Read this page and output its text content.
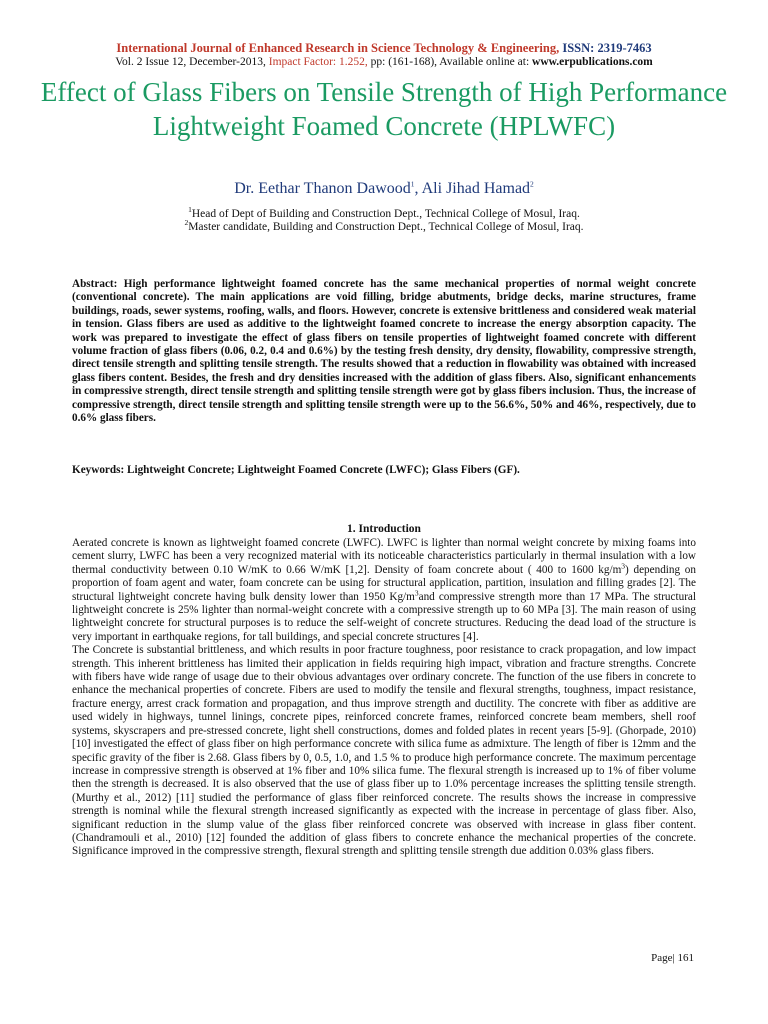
International Journal of Enhanced Research in Science Technology & Engineering, ISSN: 2319-7463
Vol. 2 Issue 12, December-2013, Impact Factor: 1.252, pp: (161-168), Available online at: www.erpublications.com
Effect of Glass Fibers on Tensile Strength of High Performance Lightweight Foamed Concrete (HPLWFC)
Dr. Eethar Thanon Dawood$^1$, Ali Jihad Hamad$^2$
$^1$Head of Dept of Building and Construction Dept., Technical College of Mosul, Iraq.
$^2$Master candidate, Building and Construction Dept., Technical College of Mosul, Iraq.
Abstract: High performance lightweight foamed concrete has the same mechanical properties of normal weight concrete (conventional concrete). The main applications are void filling, bridge abutments, bridge decks, marine structures, frame buildings, roads, sewer systems, roofing, walls, and floors. However, concrete is extensive brittleness and considered weak material in tension. Glass fibers are used as additive to the lightweight foamed concrete to increase the energy absorption capacity. The work was prepared to investigate the effect of glass fibers on tensile properties of lightweight foamed concrete with different volume fraction of glass fibers (0.06, 0.2, 0.4 and 0.6%) by the testing fresh density, dry density, flowability, compressive strength, direct tensile strength and splitting tensile strength. The results showed that a reduction in flowability was obtained with increased glass fibers content. Besides, the fresh and dry densities increased with the addition of glass fibers. Also, significant enhancements in compressive strength, direct tensile strength and splitting tensile strength were got by glass fibers inclusion. Thus, the increase of compressive strength, direct tensile strength and splitting tensile strength were up to the 56.6%, 50% and 46%, respectively, due to 0.6% glass fibers.
Keywords: Lightweight Concrete; Lightweight Foamed Concrete (LWFC); Glass Fibers (GF).
1. Introduction

Aerated concrete is known as lightweight foamed concrete (LWFC). LWFC is lighter than normal weight concrete by mixing foams into cement slurry, LWFC has been a very recognized material with its noticeable characteristics particularly in thermal insulation with a low thermal conductivity between 0.10 W/mK to 0.66 W/mK [1,2]. Density of foam concrete about ( 400 to 1600 $kg/m^3$) depending on proportion of foam agent and water, foam concrete can be using for structural application, partition, insulation and filling grades [2]. The structural lightweight concrete having bulk density lower than 1950 $Kg/m^3and$ compressive strength more than 17 MPa. The structural lightweight concrete is 25% lighter than normal-weight concrete with a compressive strength up to 60 MPa [3]. The main reason of using lightweight concrete for structural purposes is to reduce the self-weight of concrete structures. Reducing the dead load of the structure is very important in earthquake regions, for tall buildings, and special concrete structures [4].

The Concrete is substantial brittleness, and which results in poor fracture toughness, poor resistance to crack propagation, and low impact strength. This inherent brittleness has limited their application in fields requiring high impact, vibration and fracture strengths. Concrete with fibers have wide range of usage due to their obvious advantages over ordinary concrete. The function of the use fibers in concrete to enhance the mechanical properties of concrete. Fibers are used to modify the tensile and flexural strengths, toughness, impact resistance, fracture energy, arrest crack formation and propagation, and thus improve strength and ductility. The concrete with fiber as additive are used widely in highways, tunnel linings, concrete pipes, reinforced concrete frames, reinforced concrete beam members, shell roof systems, skyscrapers and pre-stressed concrete, light shell constructions, domes and folded plates in recent years [5-9]. (Ghorpade, 2010) [10] investigated the effect of glass fiber on high performance concrete with silica fume as admixture. The length of fiber is 12mm and the specific gravity of the fiber is 2.68. Glass fibers by 0, 0.5, 1.0, and 1.5 % to produce high performance concrete. The maximum percentage increase in compressive strength is observed at 1% fiber and 10% silica fume. The flexural strength is increased up to 1% of fiber volume then the strength is decreased. It is also observed that the use of glass fiber up to 1.0% percentage increases the splitting tensile strength. (Murthy et al., 2012) [11] studied the performance of glass fiber reinforced concrete. The results shows the increase in compressive strength is nominal while the flexural strength increased significantly as expected with the increase in percentage of glass fiber. Also, significant reduction in the slump value of the glass fiber reinforced concrete was observed with increase in glass fiber content. (Chandramouli et al., 2010) [12] founded the addition of glass fibers to concrete enhance the mechanical properties of the concrete. Significance improved in the compressive strength, flexural strength and splitting tensile strength due addition 0.03% glass fibers.

Page| 161
